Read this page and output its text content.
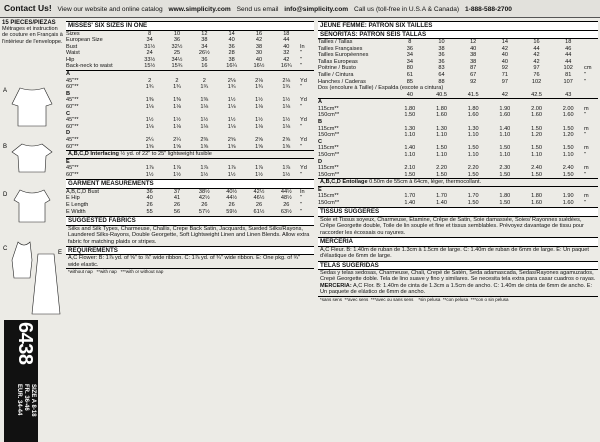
Contact Us! View our website and online catalog www.simplicity.com Send us email info@simplicity.com Call us (toll-free in U.S.A & Canada) 1-888-588-2700
15 PIECES/PIEZAS
Métrages et instruction de couture en Français à l'intérieur de l'enveloppe.
A
B
D
C
E
6438
SIZE A 8-18
FR. 36-46
EUR. 34-44
MISSES' SIX SIZES IN ONE
Sizes	8	10	12	14	16	18
European Size	34	36	38	40	42	44
Bust	31½	32½	34	36	38	40	In
Waist	24	25	26½	28	30	32	"
Hip	33½	34½	36	38	40	42	"
Back-neck to waist	15½	15¾	16	16¼	16½	16¾	"
A
45"**	2	2	2	2⅛	2⅛	2⅛	Yd
60"**	1¾	1¾	1¾	1¾	1¾	1¾	"
B
45"**	1⅜	1⅜	1⅜	1½	1½	1½	Yd
60"**	1⅛	1⅛	1⅛	1⅛	1⅛	1⅛	"
C
45"**	1½	1½	1½	1½	1½	1½	Yd
60"**	1⅛	1⅛	1⅛	1⅛	1⅛	1⅛	"
D
45"**	2¼	2¼	2⅜	2⅝	2⅝	2⅝	Yd
60"**	1⅝	1⅝	1⅝	1⅝	1⅝	1⅝	"
A,B,C,D Interfacing ½ yd. of 22" to 25" lightweight fusible
E
45"**	1⅞	1⅞	1⅞	1⅞	1⅞	1⅞	Yd
60"**	1½	1½	1½	1½	1½	1½	"
GARMENT MEASUREMENTS
A,B,C,D Bust	36	37	38½	40½	42½	44½	In
E Hip	40	41	42½	44½	46½	48½	"
E Length	26	26	26	26	26	26	"
E Width	55	56	57½	59½	61½	63½	"
SUGGESTED FABRICS
Silks and Silk Types, Charmeuse, Challis, Crepe Back Satin, Jacquards, Sueded Silks/Rayons, Laundered Silks-Rayons, Double Georgette, Soft Lightweight Linen and Linen Blends. Allow extra fabric for matching plaids or stripes.
REQUIREMENTS
A,C Flower: B: 1⅞ yd. of ⅝" to ⅞" wide ribbon. C: 1⅞ yd. of ¾" wide ribbon. E: One pkg. of ¾" wide elastic.
*without nap **with nap ***with or without nap
JEUNE FEMME: PATRON SIX TAILLES
SEÑORITAS: PATRON SEIS TALLAS
Tailles / Tallas	8	10	12	14	16	18
Tailles Françaises	36	38	40	42	44	46
Tailles Européennes	34	36	38	40	42	44
Tallas Europeas	34	36	38	40	42	44
Poitrine / Busto	80	83	87	92	97	102	cm
Taille / Cintura	61	64	67	71	76	81	"
Hanches / Caderas	85	88	92	97	102	107	"
Dos (encolure à Taille) / Espalda (escote a cintura)
40	40.5	41.5	42	42.5	43
A
115cm**	1.80	1.80	1.80	1.90	2.00	2.00	m
150cm**	1.50	1.60	1.60	1.60	1.60	1.60	"
B
115cm**	1.30	1.30	1.30	1.40	1.50	1.50	m
150cm**	1.10	1.10	1.10	1.10	1.20	1.20	"
C
115cm**	1.40	1.50	1.50	1.50	1.50	1.50	m
150cm**	1.10	1.10	1.10	1.10	1.10	1.10	"
D
115cm**	2.10	2.20	2.20	2.30	2.40	2.40	m
150cm**	1.50	1.50	1.50	1.50	1.50	1.50	"
A,B,C,D Entoilage 0.50m de 55cm à 64cm, léger, thermocollant.
E
115cm**	1.70	1.70	1.70	1.80	1.80	1.90	m
150cm**	1.40	1.40	1.50	1.50	1.60	1.60	"
TISSUS SUGGERES
Soie et Tissus soyeux, Charmeuse, Etamine, Crêpe de Satin, Soie damassée, Soies/ Rayonnes suédées, Crêpe Georgette double, Toile de lin souple et fine et tissus semblables. Prévoyez davantage de tissu pour raccorder les écossais ou rayures.
MERCERIA
A,C Fleur. B: 1.40m de ruban de 1.3cm à 1.5cm de large. C: 1.40m de ruban de 6mm de large. E: Un paquet d'élastique de 6mm de large.
TELAS SUGERIDAS
Sedas y telas sedosas, Charmeuse, Chali, Crepé de Satén, Seda adamascada, Sedas/Rayones agamuzados, Crepé Georgette doble. Tela de lino suave y fino y similares. Se necesita tela extra para casar cuadros o rayas.
MERCERIA: A,C Flor. B: 1.40m de cinta de 1.3cm a 1.5cm de ancho. C: 1.40m de cinta de 6mm de ancho. E: Un paquete de elástico de 6mm de ancho.
*sans sens **avec sens ***avec ou sans sens *sin pelusa **con pelusa ***con o sin pelusa
